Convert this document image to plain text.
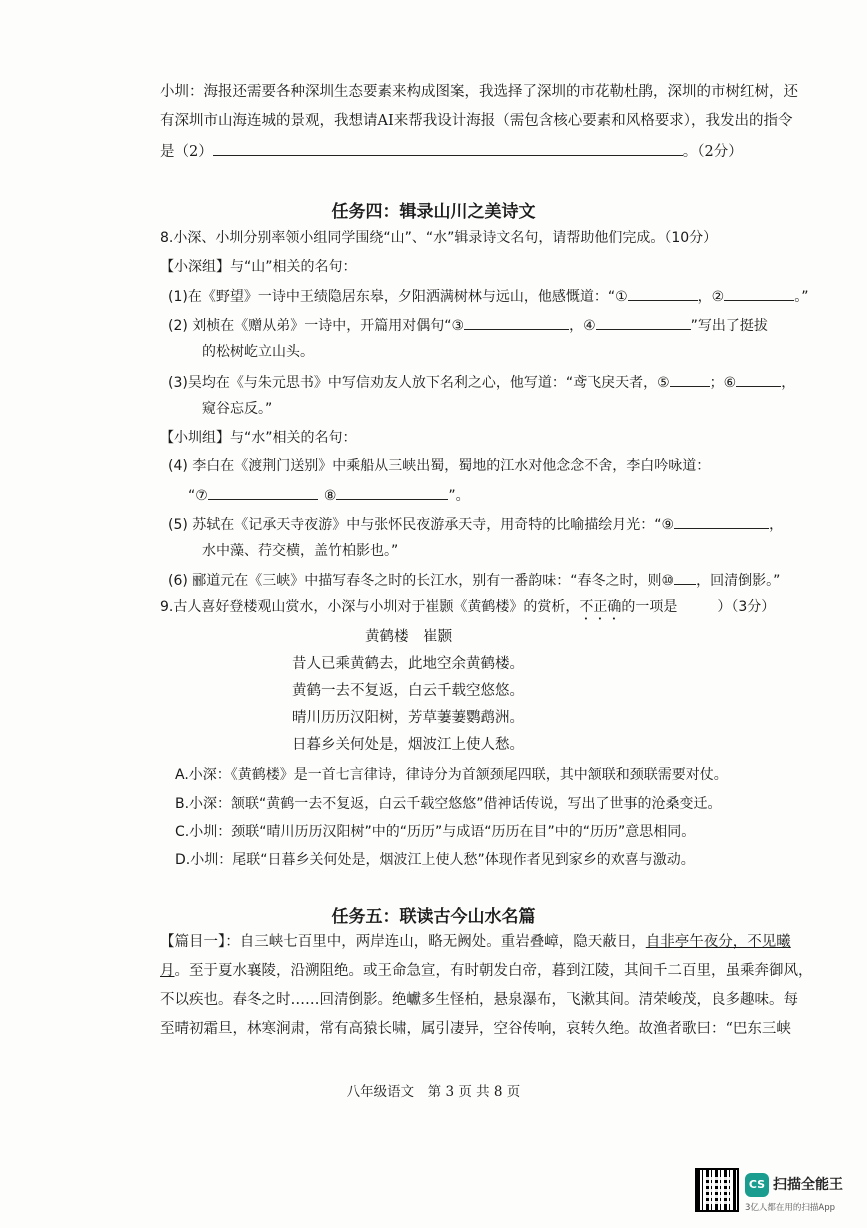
小圳：海报还需要各种深圳生态要素来构成图案，我选择了深圳的市花勒杜鹃，深圳的市树红树，还
有深圳市山海连城的景观，我想请AI来帮我设计海报（需包含核心要素和风格要求），我发出的指令
是（2）	。（2分）
任务四：辑录山川之美诗文
8.小深、小圳分别率领小组同学围绕“山”、“水”辑录诗文名句，请帮助他们完成。（10分）
【小深组】与“山”相关的名句：
(1)在《野望》一诗中王绩隐居东皋，夕阳洒满树林与远山，他感慨道：“①	，②	。”
(2) 刘桢在《赠从弟》一诗中，开篇用对偶句“③	，④	”写出了挺拔
的松树屹立山头。
(3)吴均在《与朱元思书》中写信劝友人放下名利之心，他写道：“鸢飞戾天者，⑤	；⑥	，
窥谷忘反。”
【小圳组】与“水”相关的名句：
(4) 李白在《渡荆门送别》中乘船从三峡出蜀，蜀地的江水对他念念不舍，李白吟咏道：
“⑦	⑧	”。
(5) 苏轼在《记承天寺夜游》中与张怀民夜游承天寺，用奇特的比喻描绘月光：“⑨	，
水中藻、荇交横，盖竹柏影也。”
(6) 郦道元在《三峡》中描写春冬之时的长江水，别有一番韵味：“春冬之时，则⑩ ，回清倒影。”
9.古人喜好登楼观山赏水，小深与小圳对于崔颢《黄鹤楼》的赏析，不正确的一项是	）（3分）
黄鹤楼　崔颢
昔人已乘黄鹤去，此地空余黄鹤楼。
黄鹤一去不复返，白云千载空悠悠。
晴川历历汉阳树，芳草萋萋鹦鹉洲。
日暮乡关何处是，烟波江上使人愁。
A.小深：《黄鹤楼》是一首七言律诗，律诗分为首颔颈尾四联，其中颔联和颈联需要对仗。
B.小深：颔联“黄鹤一去不复返，白云千载空悠悠”借神话传说，写出了世事的沧桑变迁。
C.小圳：颈联“晴川历历汉阳树”中的“历历”与成语“历历在目”中的“历历”意思相同。
D.小圳：尾联“日暮乡关何处是，烟波江上使人愁”体现作者见到家乡的欢喜与激动。
任务五：联读古今山水名篇
【篇目一】：自三峡七百里中，两岸连山，略无阙处。重岩叠嶂，隐天蔽日，自非亭午夜分，不见曦
月。至于夏水襄陵，沿溯阻绝。或王命急宣，有时朝发白帝，暮到江陵，其间千二百里，虽乘奔御风，
不以疾也。春冬之时……回清倒影。绝巘多生怪柏，悬泉瀑布，飞漱其间。清荣峻茂，良多趣味。每
至晴初霜旦，林寒涧肃，常有高猿长啸，属引凄异，空谷传响，哀转久绝。故渔者歌曰：“巴东三峡
八年级语文　第 3 页 共 8 页
CS 扫描全能王
3亿人都在用的扫描App
